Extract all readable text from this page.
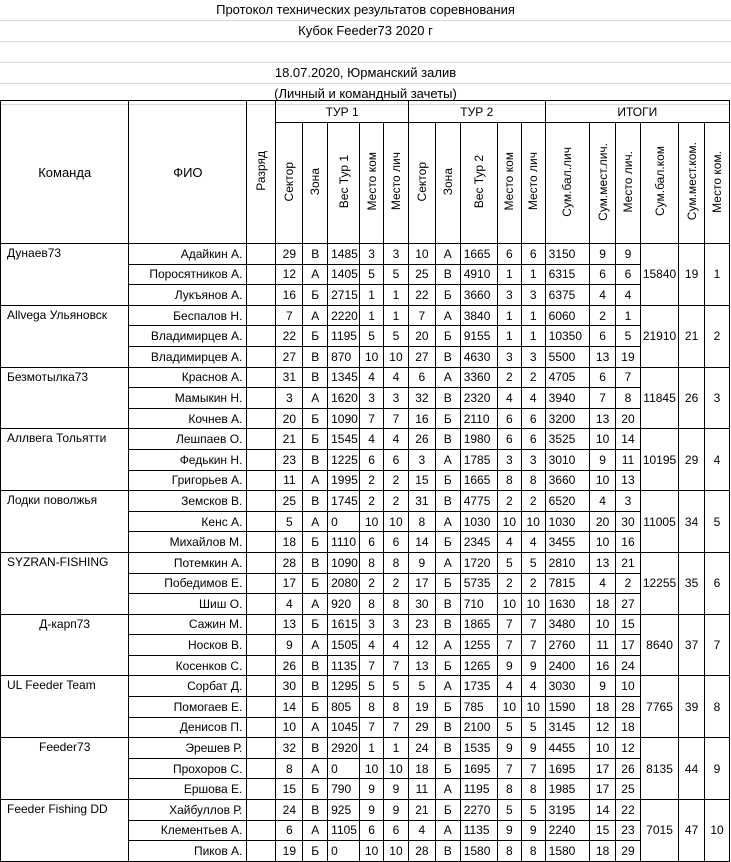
Протокол технических результатов соревнования
Кубок Feeder73 2020 г
18.07.2020, Юрманский залив
(Личный и командный зачеты)
Команда	ФИО	Разряд	ТУР 1					ТУР 2					ИТОГИ					
			Сектор	Зона	Вес Тур 1	Место ком	Место лич	Сектор	Зона	Вес Тур 2	Место ком	Место лич	Сум.бал.лич	Сум.мест.лич.	Место лич.	Сум.бал.ком	Сум.мест.ком.	Место ком.
Дунаев73	Адайкин А.		29	В	1485	3	3	10	А	1665	6	6	3150	9	9	15840	19	1
	Поросятников А.		12	А	1405	5	5	25	В	4910	1	1	6315	6	6			
	Лукъянов А.		16	Б	2715	1	1	22	Б	3660	3	3	6375	4	4			
Allvega Ульяновск	Беспалов Н.		7	А	2220	1	1	7	А	3840	1	1	6060	2	1	21910	21	2
	Владимирцев А.		22	Б	1195	5	5	20	Б	9155	1	1	10350	6	5			
	Владимирцев А.		27	В	870	10	10	27	В	4630	3	3	5500	13	19			
Безмотылка73	Краснов А.		31	В	1345	4	4	6	А	3360	2	2	4705	6	7	11845	26	3
	Мамыкин Н.		3	А	1620	3	3	32	В	2320	4	4	3940	7	8			
	Кочнев А.		20	Б	1090	7	7	16	Б	2110	6	6	3200	13	20			
Аллвега Тольятти	Лешпаев О.		21	Б	1545	4	4	26	В	1980	6	6	3525	10	14	10195	29	4
	Федькин Н.		23	В	1225	6	6	3	А	1785	3	3	3010	9	11			
	Григорьев А.		11	А	1995	2	2	15	Б	1665	8	8	3660	10	13			
Лодки поволжья	Земсков В.		25	В	1745	2	2	31	В	4775	2	2	6520	4	3	11005	34	5
	Кенс А.		5	А	0	10	10	8	А	1030	10	10	1030	20	30			
	Михайлов М.		18	Б	1110	6	6	14	Б	2345	4	4	3455	10	16			
SYZRAN-FISHING	Потемкин А.		28	В	1090	8	8	9	А	1720	5	5	2810	13	21	12255	35	6
	Победимов Е.		17	Б	2080	2	2	17	Б	5735	2	2	7815	4	2			
	Шиш О.		4	А	920	8	8	30	В	710	10	10	1630	18	27			
Д-карп73	Сажин М.		13	Б	1615	3	3	23	В	1865	7	7	3480	10	15	8640	37	7
	Носков В.		9	А	1505	4	4	12	А	1255	7	7	2760	11	17			
	Косенков С.		26	В	1135	7	7	13	Б	1265	9	9	2400	16	24			
UL Feeder Team	Сорбат Д.		30	В	1295	5	5	5	А	1735	4	4	3030	9	10	7765	39	8
	Помогаев Е.		14	Б	805	8	8	19	Б	785	10	10	1590	18	28			
	Денисов П.		10	А	1045	7	7	29	В	2100	5	5	3145	12	18			
Feeder73	Эрешев Р.		32	В	2920	1	1	24	В	1535	9	9	4455	10	12	8135	44	9
	Прохоров С.		8	А	0	10	10	18	Б	1695	7	7	1695	17	26			
	Ершова Е.		15	Б	790	9	9	11	А	1195	8	8	1985	17	25			
Feeder Fishing DD	Хайбуллов Р.		24	В	925	9	9	21	Б	2270	5	5	3195	14	22	7015	47	10
	Клементьев А.		6	А	1105	6	6	4	А	1135	9	9	2240	15	23			
	Пиков А.		19	Б	0	10	10	28	В	1580	8	8	1580	18	29			
